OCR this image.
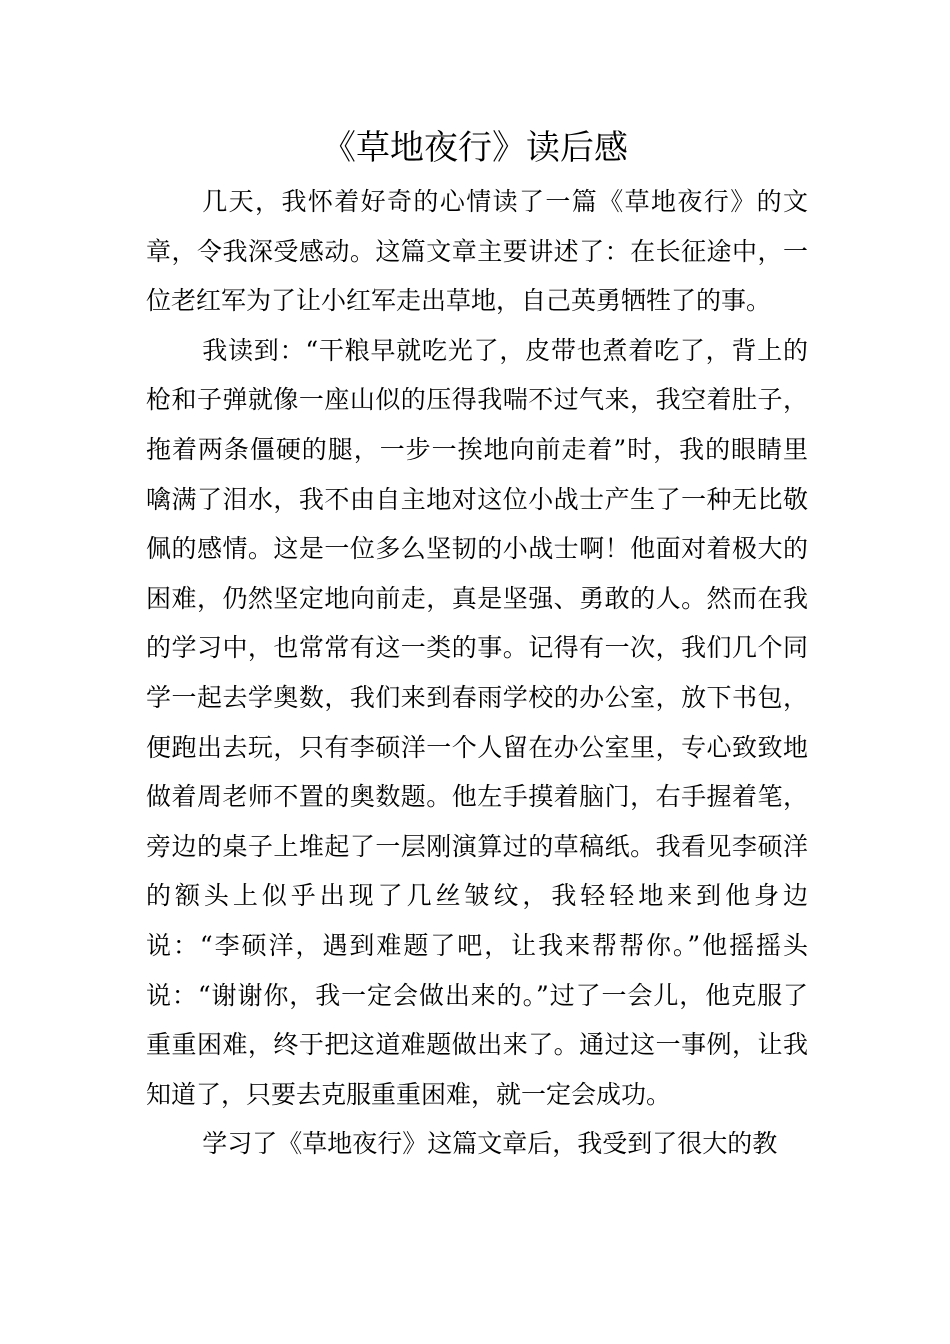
《草地夜行》读后感

几天，我怀着好奇的心情读了一篇《草地夜行》的文章，令我深受感动。这篇文章主要讲述了：在长征途中，一位老红军为了让小红军走出草地，自己英勇牺牲了的事。

我读到：“干粮早就吃光了，皮带也煮着吃了，背上的枪和子弹就像一座山似的压得我喘不过气来，我空着肚子，拖着两条僵硬的腿，一步一挨地向前走着”时，我的眼睛里噙满了泪水，我不由自主地对这位小战士产生了一种无比敬佩的感情。这是一位多么坚韧的小战士啊！他面对着极大的困难，仍然坚定地向前走，真是坚强、勇敢的人。然而在我的学习中，也常常有这一类的事。记得有一次，我们几个同学一起去学奥数，我们来到春雨学校的办公室，放下书包，便跑出去玩，只有李硕洋一个人留在办公室里，专心致致地做着周老师不置的奥数题。他左手摸着脑门，右手握着笔，旁边的桌子上堆起了一层刚演算过的草稿纸。我看见李硕洋的额头上似乎出现了几丝皱纹，我轻轻地来到他身边说：“李硕洋，遇到难题了吧，让我来帮帮你。”他摇摇头说：“谢谢你，我一定会做出来的。”过了一会儿，他克服了重重困难，终于把这道难题做出来了。通过这一事例，让我知道了，只要去克服重重困难，就一定会成功。

学习了《草地夜行》这篇文章后，我受到了很大的教
